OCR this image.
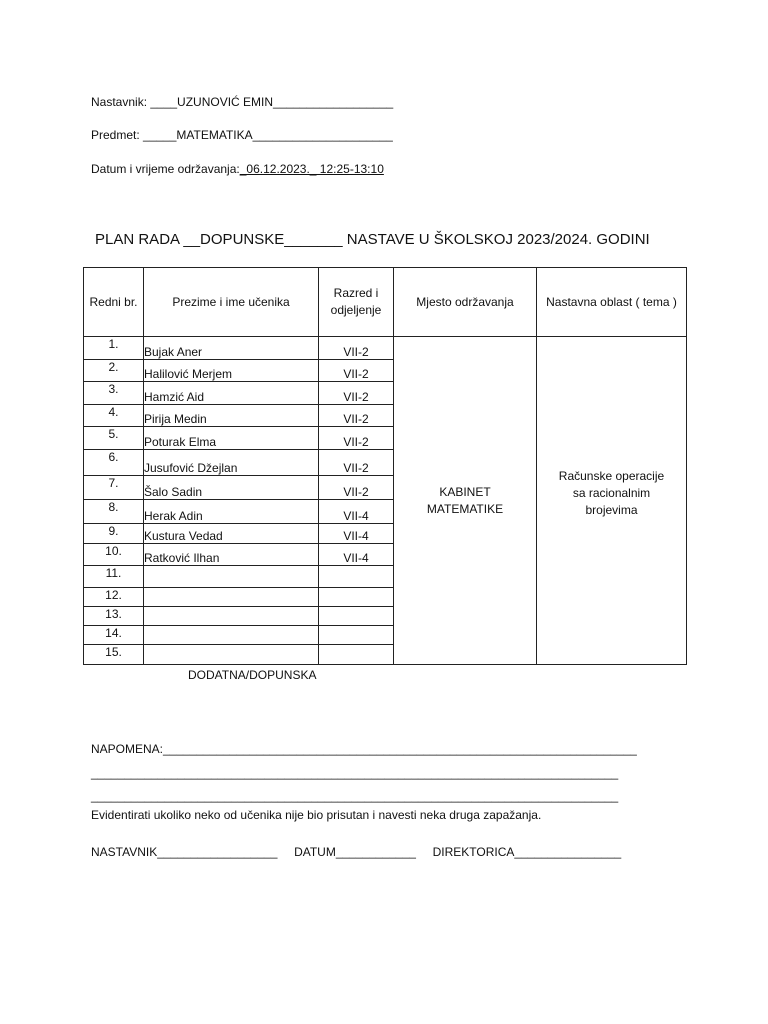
Nastavnik: ____UZUNOVIĆ EMIN__________________
Predmet: _____MATEMATIKA_____________________
Datum i vrijeme održavanja:_06.12.2023._ 12:25-13:10
PLAN RADA __DOPUNSKE_______ NASTAVE U ŠKOLSKOJ 2023/2024. GODINI
Redni br.	Prezime i ime učenika	Razred i odjeljenje	Mjesto održavanja	Nastavna oblast ( tema )
1.	Bujak Aner	VII-2	KABINET MATEMATIKE	Računske operacije sa racionalnim brojevima
2.	Halilović Merjem	VII-2		
3.	Hamzić Aid	VII-2		
4.	Pirija Medin	VII-2		
5.	Poturak Elma	VII-2		
6.	Jusufović Džejlan	VII-2		
7.	Šalo Sadin	VII-2		
8.	Herak Adin	VII-4		
9.	Kustura Vedad	VII-4		
10.	Ratković Ilhan	VII-4		
11.				
12.				
13.				
14.				
15.				
DODATNA/DOPUNSKA
NAPOMENA:_______________________________________________________________________
_______________________________________________________________________________
_______________________________________________________________________________
Evidentirati ukoliko neko od učenika nije bio prisutan i navesti neka druga zapažanja.
NASTAVNIK__________________ DATUM____________ DIREKTORICA________________
